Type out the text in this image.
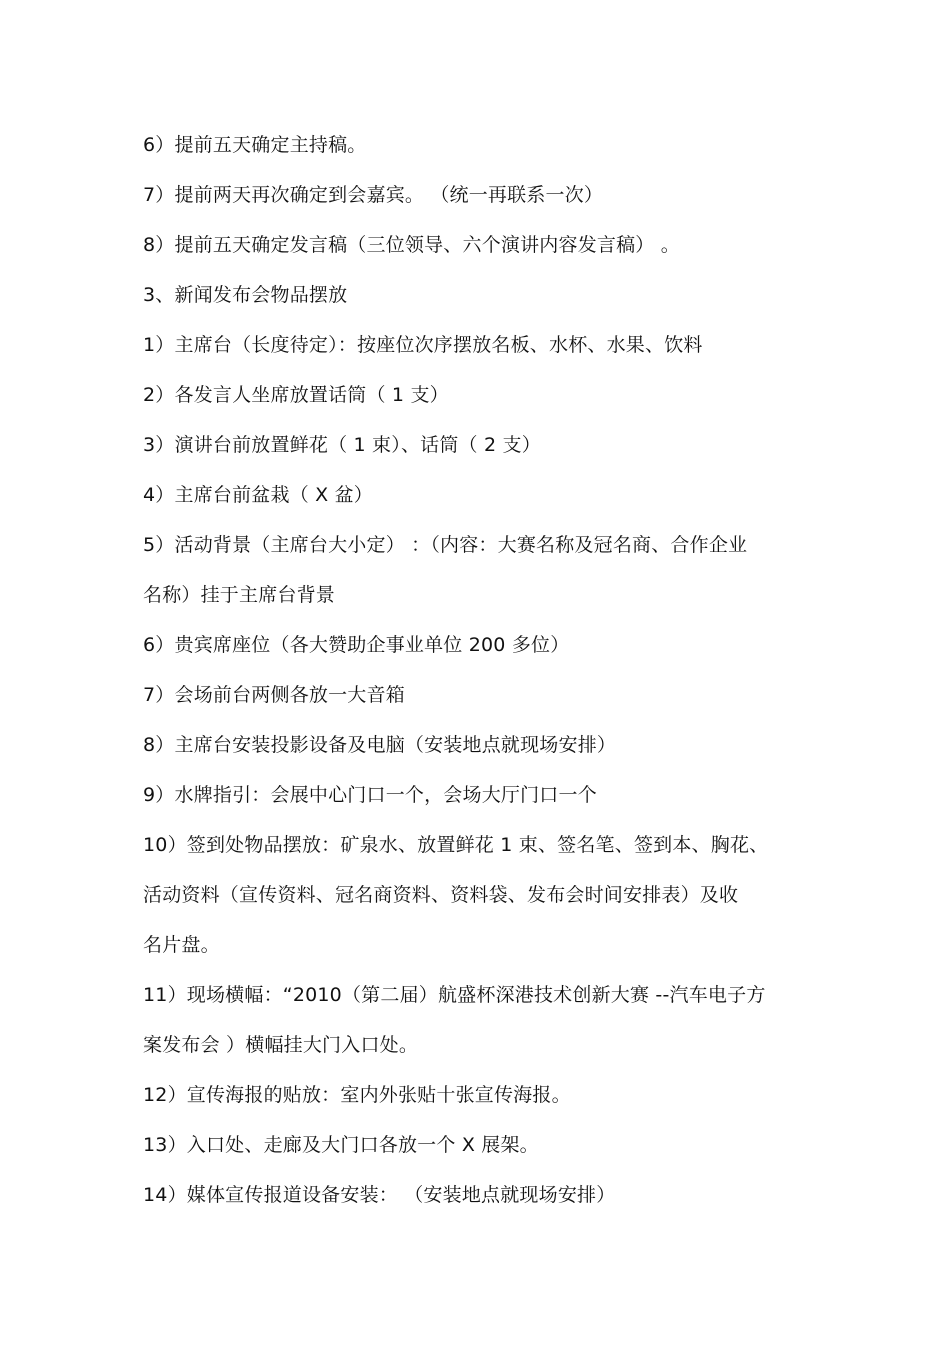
6）提前五天确定主持稿。
7）提前两天再次确定到会嘉宾。 （统一再联系一次）
8）提前五天确定发言稿（三位领导、六个演讲内容发言稿） 。
3、新闻发布会物品摆放
1）主席台（长度待定）：按座位次序摆放名板、水杯、水果、饮料
2）各发言人坐席放置话筒（ 1 支）
3）演讲台前放置鲜花（ 1 束）、话筒（ 2 支）
4）主席台前盆栽（ X 盆）
5）活动背景（主席台大小定） ：（内容：大赛名称及冠名商、合作企业
名称）挂于主席台背景
6）贵宾席座位（各大赞助企事业单位 200 多位）
7）会场前台两侧各放一大音箱
8）主席台安装投影设备及电脑（安装地点就现场安排）
9）水牌指引：会展中心门口一个，会场大厅门口一个
10）签到处物品摆放：矿泉水、放置鲜花 1 束、签名笔、签到本、胸花、
活动资料（宣传资料、冠名商资料、资料袋、发布会时间安排表）及收
名片盘。
11）现场横幅：“2010（第二届）航盛杯深港技术创新大赛 --汽车电子方
案发布会 ）横幅挂大门入口处。
12）宣传海报的贴放：室内外张贴十张宣传海报。
13）入口处、走廊及大门口各放一个 X 展架。
14）媒体宣传报道设备安装： （安装地点就现场安排）
